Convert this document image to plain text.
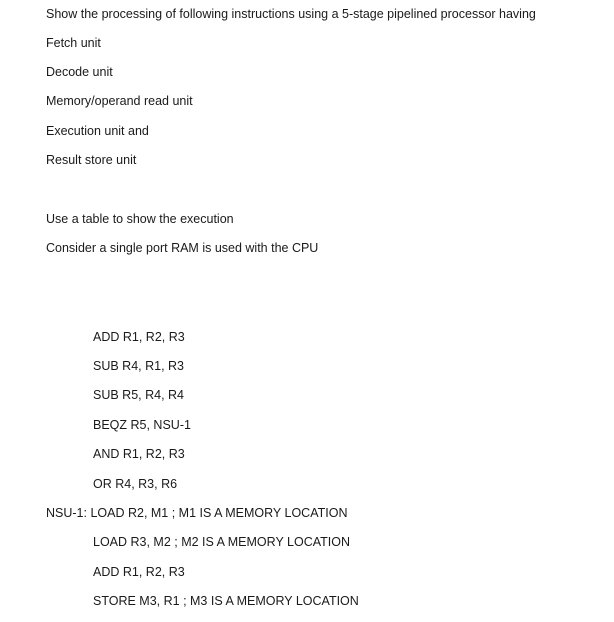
Show the processing of following instructions using a 5-stage pipelined processor having
Fetch unit
Decode unit
Memory/operand read unit
Execution unit and
Result store unit
Use a table to show the execution
Consider a single port RAM is used with the CPU
ADD R1, R2, R3
SUB R4, R1, R3
SUB R5, R4, R4
BEQZ R5, NSU-1
AND R1, R2, R3
OR R4, R3, R6
NSU-1: LOAD R2, M1 ; M1 IS A MEMORY LOCATION
LOAD R3, M2 ; M2 IS A MEMORY LOCATION
ADD R1, R2, R3
STORE M3, R1 ; M3 IS A MEMORY LOCATION
